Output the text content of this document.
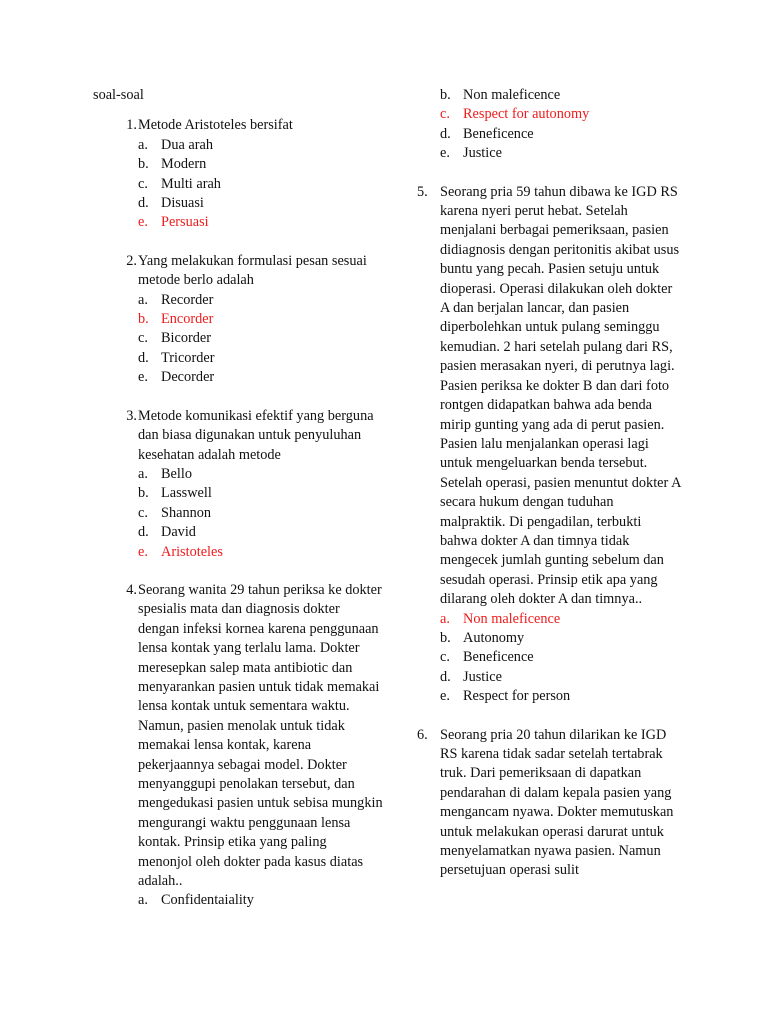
soal-soal

1. Metode Aristoteles bersifat

a. Dua arah
b. Modern
c. Multi arah
d. Disuasi
e. Persuasi
2. Yang melakukan formulasi pesan sesuai metode berlo adalah

a. Recorder
b. Encorder
c. Bicorder
d. Tricorder
e. Decorder
3. Metode komunikasi efektif yang berguna dan biasa digunakan untuk penyuluhan kesehatan adalah metode

a. Bello
b. Lasswell
c. Shannon
d. David
e. Aristoteles
4. Seorang wanita 29 tahun periksa ke dokter spesialis mata dan diagnosis dokter dengan infeksi kornea karena penggunaan lensa kontak yang terlalu lama. Dokter meresepkan salep mata antibiotic dan menyarankan pasien untuk tidak memakai lensa kontak untuk sementara waktu. Namun, pasien menolak untuk tidak memakai lensa kontak, karena pekerjaannya sebagai model. Dokter menyanggupi penolakan tersebut, dan mengedukasi pasien untuk sebisa mungkin mengurangi waktu penggunaan lensa kontak. Prinsip etika yang paling menonjol oleh dokter pada kasus diatas adalah..

a. Confidentaiality
b. Non maleficence
c. Respect for autonomy
d. Beneficence
e. Justice
5. Seorang pria 59 tahun dibawa ke IGD RS karena nyeri perut hebat. Setelah menjalani berbagai pemeriksaan, pasien didiagnosis dengan peritonitis akibat usus buntu yang pecah. Pasien setuju untuk dioperasi. Operasi dilakukan oleh dokter A dan berjalan lancar, dan pasien diperbolehkan untuk pulang seminggu kemudian. 2 hari setelah pulang dari RS, pasien merasakan nyeri, di perutnya lagi. Pasien periksa ke dokter B dan dari foto rontgen didapatkan bahwa ada benda mirip gunting yang ada di perut pasien. Pasien lalu menjalankan operasi lagi untuk mengeluarkan benda tersebut. Setelah operasi, pasien menuntut dokter A secara hukum dengan tuduhan malpraktik. Di pengadilan, terbukti bahwa dokter A dan timnya tidak mengecek jumlah gunting sebelum dan sesudah operasi. Prinsip etik apa yang dilarang oleh dokter A dan timnya..

a. Non maleficence
b. Autonomy
c. Beneficence
d. Justice
e. Respect for person
6. Seorang pria 20 tahun dilarikan ke IGD RS karena tidak sadar setelah tertabrak truk. Dari pemeriksaan di dapatkan pendarahan di dalam kepala pasien yang mengancam nyawa. Dokter memutuskan untuk melakukan operasi darurat untuk menyelamatkan nyawa pasien. Namun persetujuan operasi sulit
